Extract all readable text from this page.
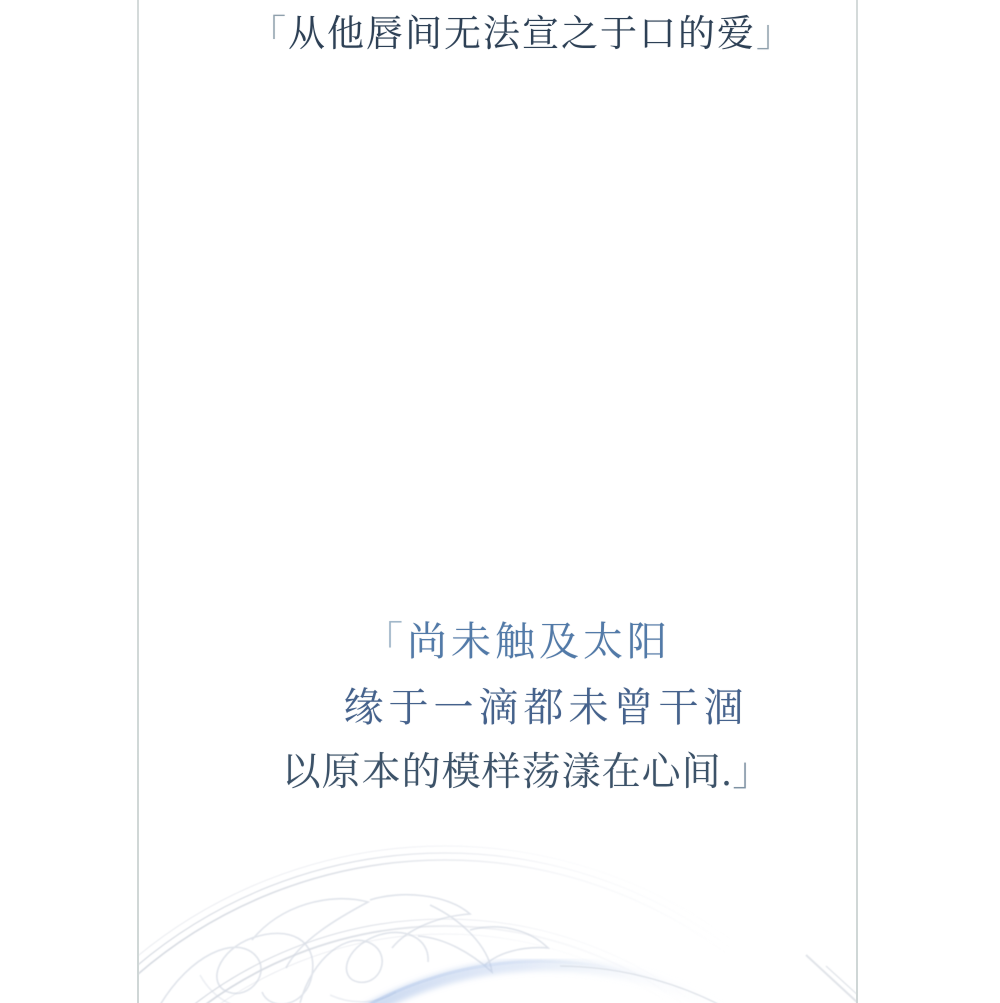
「从他唇间无法宣之于口的爱」
「尚未触及太阳
缘于一滴都未曾干涸
以原本的模样荡漾在心间.」
